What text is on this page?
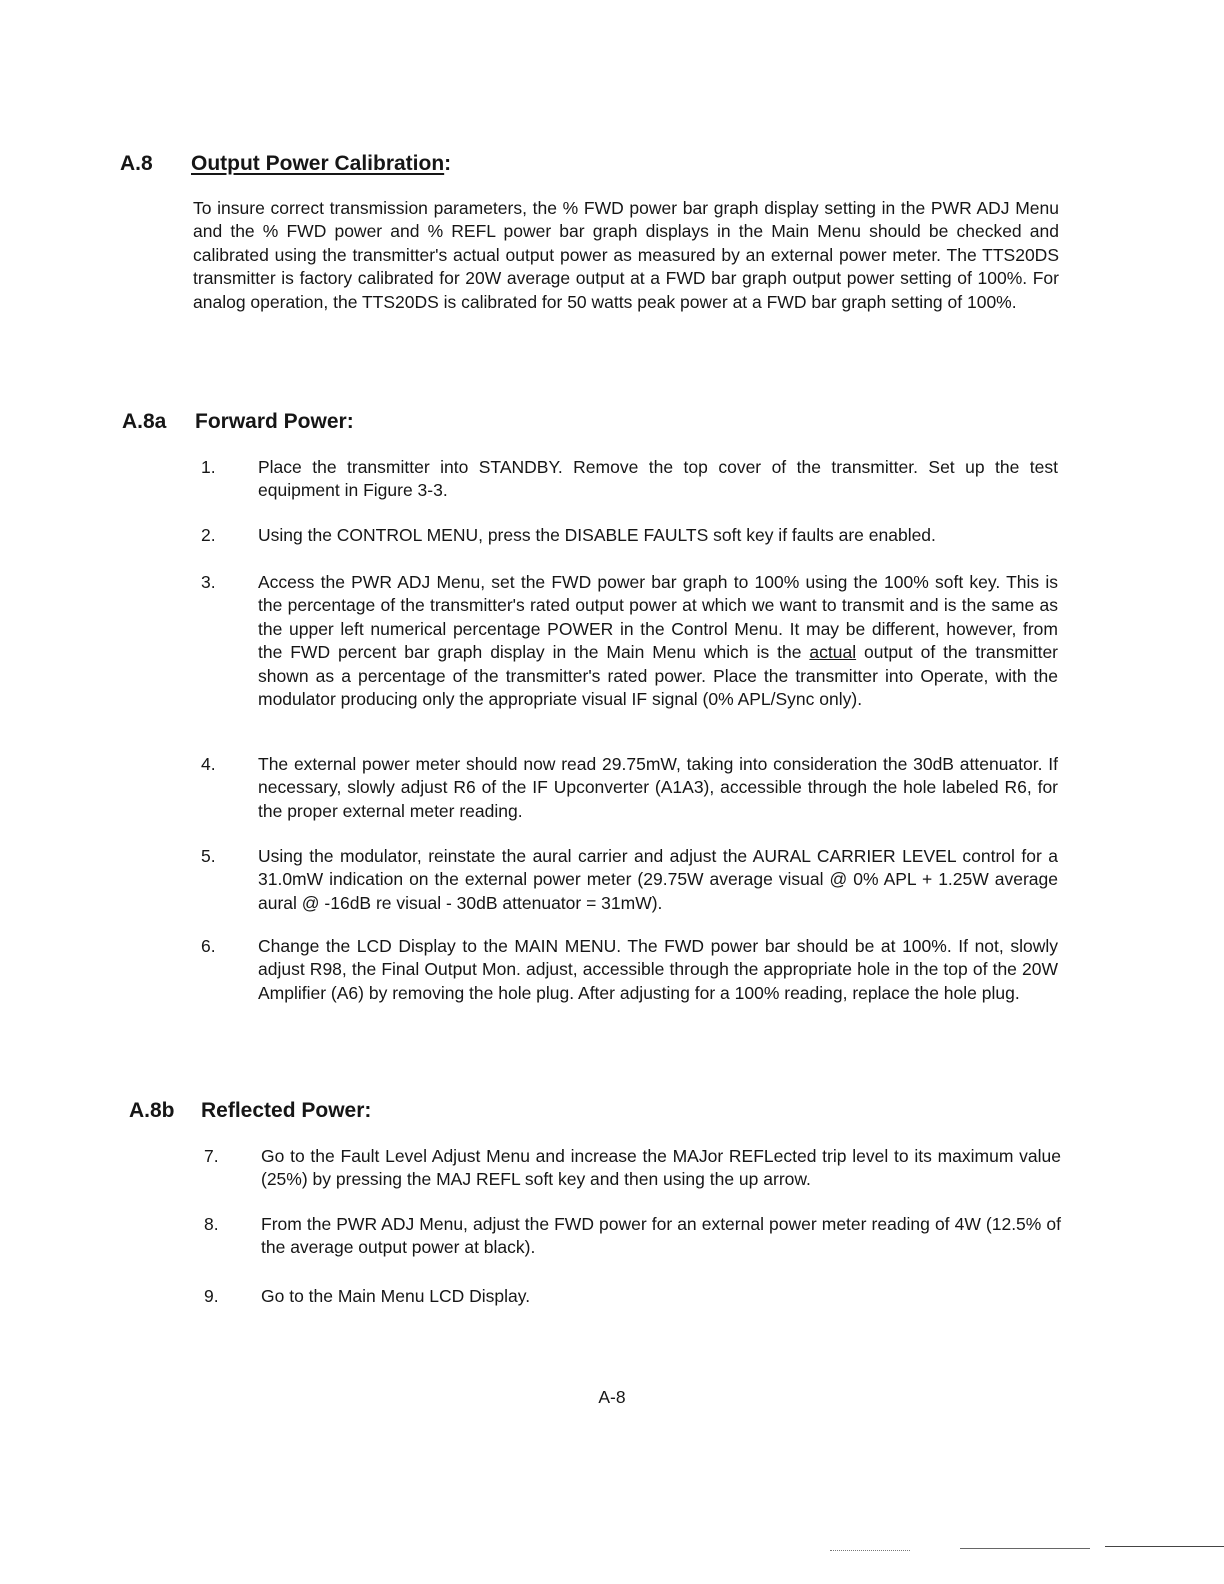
A.8 Output Power Calibration:

To insure correct transmission parameters, the % FWD power bar graph display setting in the PWR ADJ Menu and the % FWD power and % REFL power bar graph displays in the Main Menu should be checked and calibrated using the transmitter's actual output power as measured by an external power meter. The TTS20DS transmitter is factory calibrated for 20W average output at a FWD bar graph output power setting of 100%. For analog operation, the TTS20DS is calibrated for 50 watts peak power at a FWD bar graph setting of 100%.

A.8a Forward Power:
1. Place the transmitter into STANDBY. Remove the top cover of the transmitter. Set up the test equipment in Figure 3-3.
2. Using the CONTROL MENU, press the DISABLE FAULTS soft key if faults are enabled.
3. Access the PWR ADJ Menu, set the FWD power bar graph to 100% using the 100% soft key. This is the percentage of the transmitter's rated output power at which we want to transmit and is the same as the upper left numerical percentage POWER in the Control Menu. It may be different, however, from the FWD percent bar graph display in the Main Menu which is the actual output of the transmitter shown as a percentage of the transmitter's rated power. Place the transmitter into Operate, with the modulator producing only the appropriate visual IF signal (0% APL/Sync only).
4. The external power meter should now read 29.75mW, taking into consideration the 30dB attenuator. If necessary, slowly adjust R6 of the IF Upconverter (A1A3), accessible through the hole labeled R6, for the proper external meter reading.
5. Using the modulator, reinstate the aural carrier and adjust the AURAL CARRIER LEVEL control for a 31.0mW indication on the external power meter (29.75W average visual @ 0% APL + 1.25W average aural @ -16dB re visual - 30dB attenuator = 31mW).
6. Change the LCD Display to the MAIN MENU. The FWD power bar should be at 100%. If not, slowly adjust R98, the Final Output Mon. adjust, accessible through the appropriate hole in the top of the 20W Amplifier (A6) by removing the hole plug. After adjusting for a 100% reading, replace the hole plug.
A.8b Reflected Power:
7. Go to the Fault Level Adjust Menu and increase the MAJor REFLected trip level to its maximum value (25%) by pressing the MAJ REFL soft key and then using the up arrow.
8. From the PWR ADJ Menu, adjust the FWD power for an external power meter reading of 4W (12.5% of the average output power at black).
9. Go to the Main Menu LCD Display.

A-8
